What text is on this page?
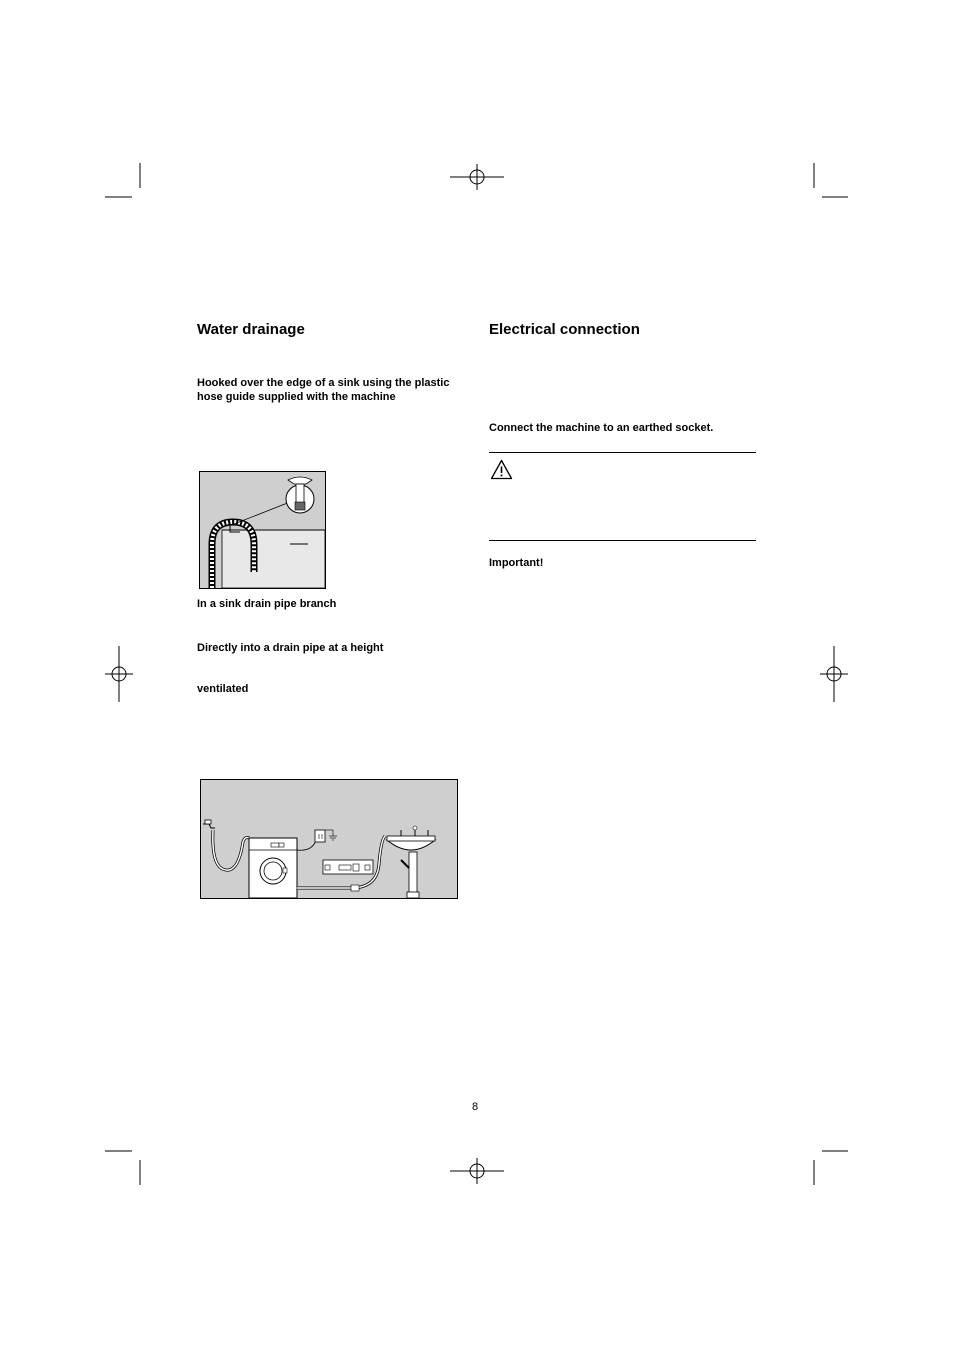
Water drainage

Hooked over the edge of a sink using the plastic

hose guide supplied with the machine

In a sink drain pipe branch

Directly into a drain pipe at a height

ventilated

Electrical connection

Connect the machine to an earthed socket.

Important!

8
